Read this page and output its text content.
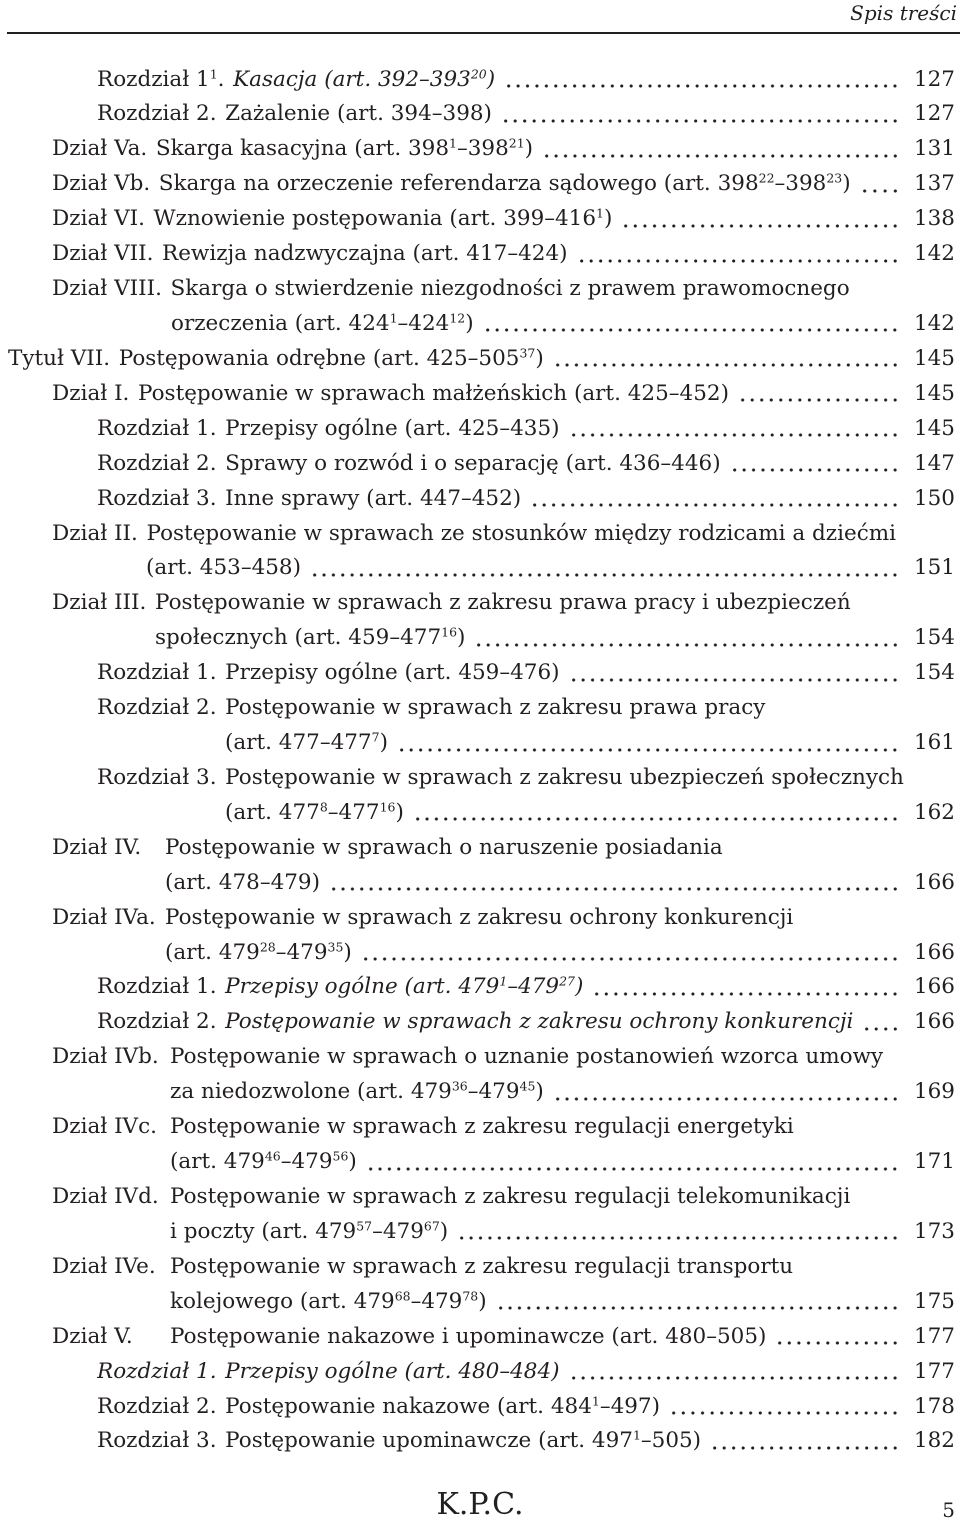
Spis treści
Rozdział $1^1$. Kasacja (art. $392-393^{20}$)	127
Rozdział 2. Zażalenie (art. 394–398)	127
Dział Va. Skarga kasacyjna (art. $398^1-398^{21}$)	131
Dział Vb. Skarga na orzeczenie referendarza sądowego (art. $398^{22}-398^{23}$)	137
Dział VI. Wznowienie postępowania (art. $399-416^1$)	138
Dział VII. Rewizja nadzwyczajna (art. 417–424)	142
Dział VIII. Skarga o stwierdzenie niezgodności z prawem prawomocnego
orzeczenia (art. $424^1-424^{12}$)	142
Tytuł VII. Postępowania odrębne (art. $425-505^{37}$)	145
Dział I. Postępowanie w sprawach małżeńskich (art. 425–452)	145
Rozdział 1. Przepisy ogólne (art. 425–435)	145
Rozdział 2. Sprawy o rozwód i o separację (art. 436–446)	147
Rozdział 3. Inne sprawy (art. 447–452)	150
Dział II. Postępowanie w sprawach ze stosunków między rodzicami a dziećmi
(art. 453–458)	151
Dział III. Postępowanie w sprawach z zakresu prawa pracy i ubezpieczeń
społecznych (art. $459-477^{16}$)	154
Rozdział 1. Przepisy ogólne (art. 459–476)	154
Rozdział 2. Postępowanie w sprawach z zakresu prawa pracy
(art. $477-477^7$)	161
Rozdział 3. Postępowanie w sprawach z zakresu ubezpieczeń społecznych
(art. $477^8-477^{16}$)	162
Dział IV.	Postępowanie w sprawach o naruszenie posiadania
(art. 478–479)	166
Dział IVa. Postępowanie w sprawach z zakresu ochrony konkurencji
(art. $479^{28}-479^{35}$)	166
Rozdział 1. Przepisy ogólne (art. $479^1-479^{27}$)	166
Rozdział 2. Postępowanie w sprawach z zakresu ochrony konkurencji	166
Dział IVb. Postępowanie w sprawach o uznanie postanowień wzorca umowy
za niedozwolone (art. $479^{36}-479^{45}$)	169
Dział IVc. Postępowanie w sprawach z zakresu regulacji energetyki
(art. $479^{46}-479^{56}$)	171
Dział IVd. Postępowanie w sprawach z zakresu regulacji telekomunikacji
i poczty (art. $479^{57}-479^{67}$)	173
Dział IVe. Postępowanie w sprawach z zakresu regulacji transportu
kolejowego (art. $479^{68}-479^{78}$)	175
Dział V.	Postępowanie nakazowe i upominawcze (art. 480–505)	177
Rozdział 1. Przepisy ogólne (art. 480–484)	177
Rozdział 2. Postępowanie nakazowe (art. $484^1-497$)	178
Rozdział 3. Postępowanie upominawcze (art. $497^1-505$)	182
K.P.C.	5
